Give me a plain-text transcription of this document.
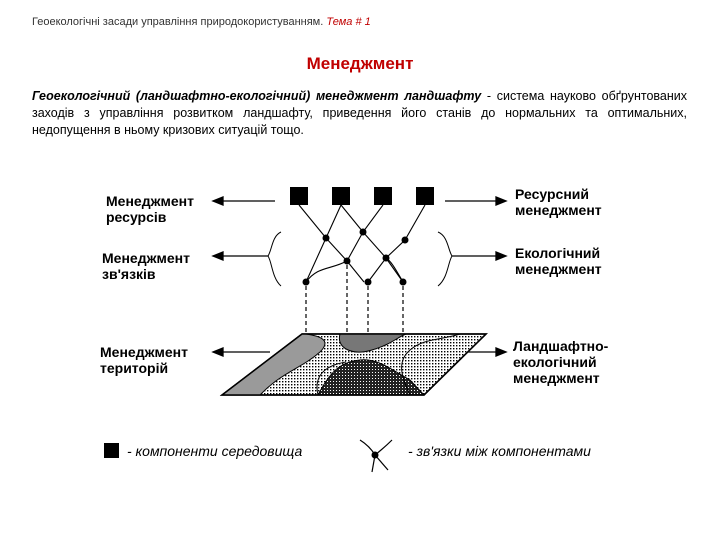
Геоекологічні засади управління природокористуванням. Тема # 1
Менеджмент
Геоекологічний (ландшафтно-екологічний) менеджмент ландшафту - система науково обґрунтованих заходів з управління розвитком ландшафту, приведення його станів до нормальних та оптимальних, недопущення в ньому кризових ситуацій тощо.
Менеджмент
ресурсів
Менеджмент
зв'язків
Менеджмент
територій
Ресурсний
менеджмент
Екологічний
менеджмент
Ландшафтно-
екологічний
менеджмент
- компоненти середовища	- зв'язки між компонентами
